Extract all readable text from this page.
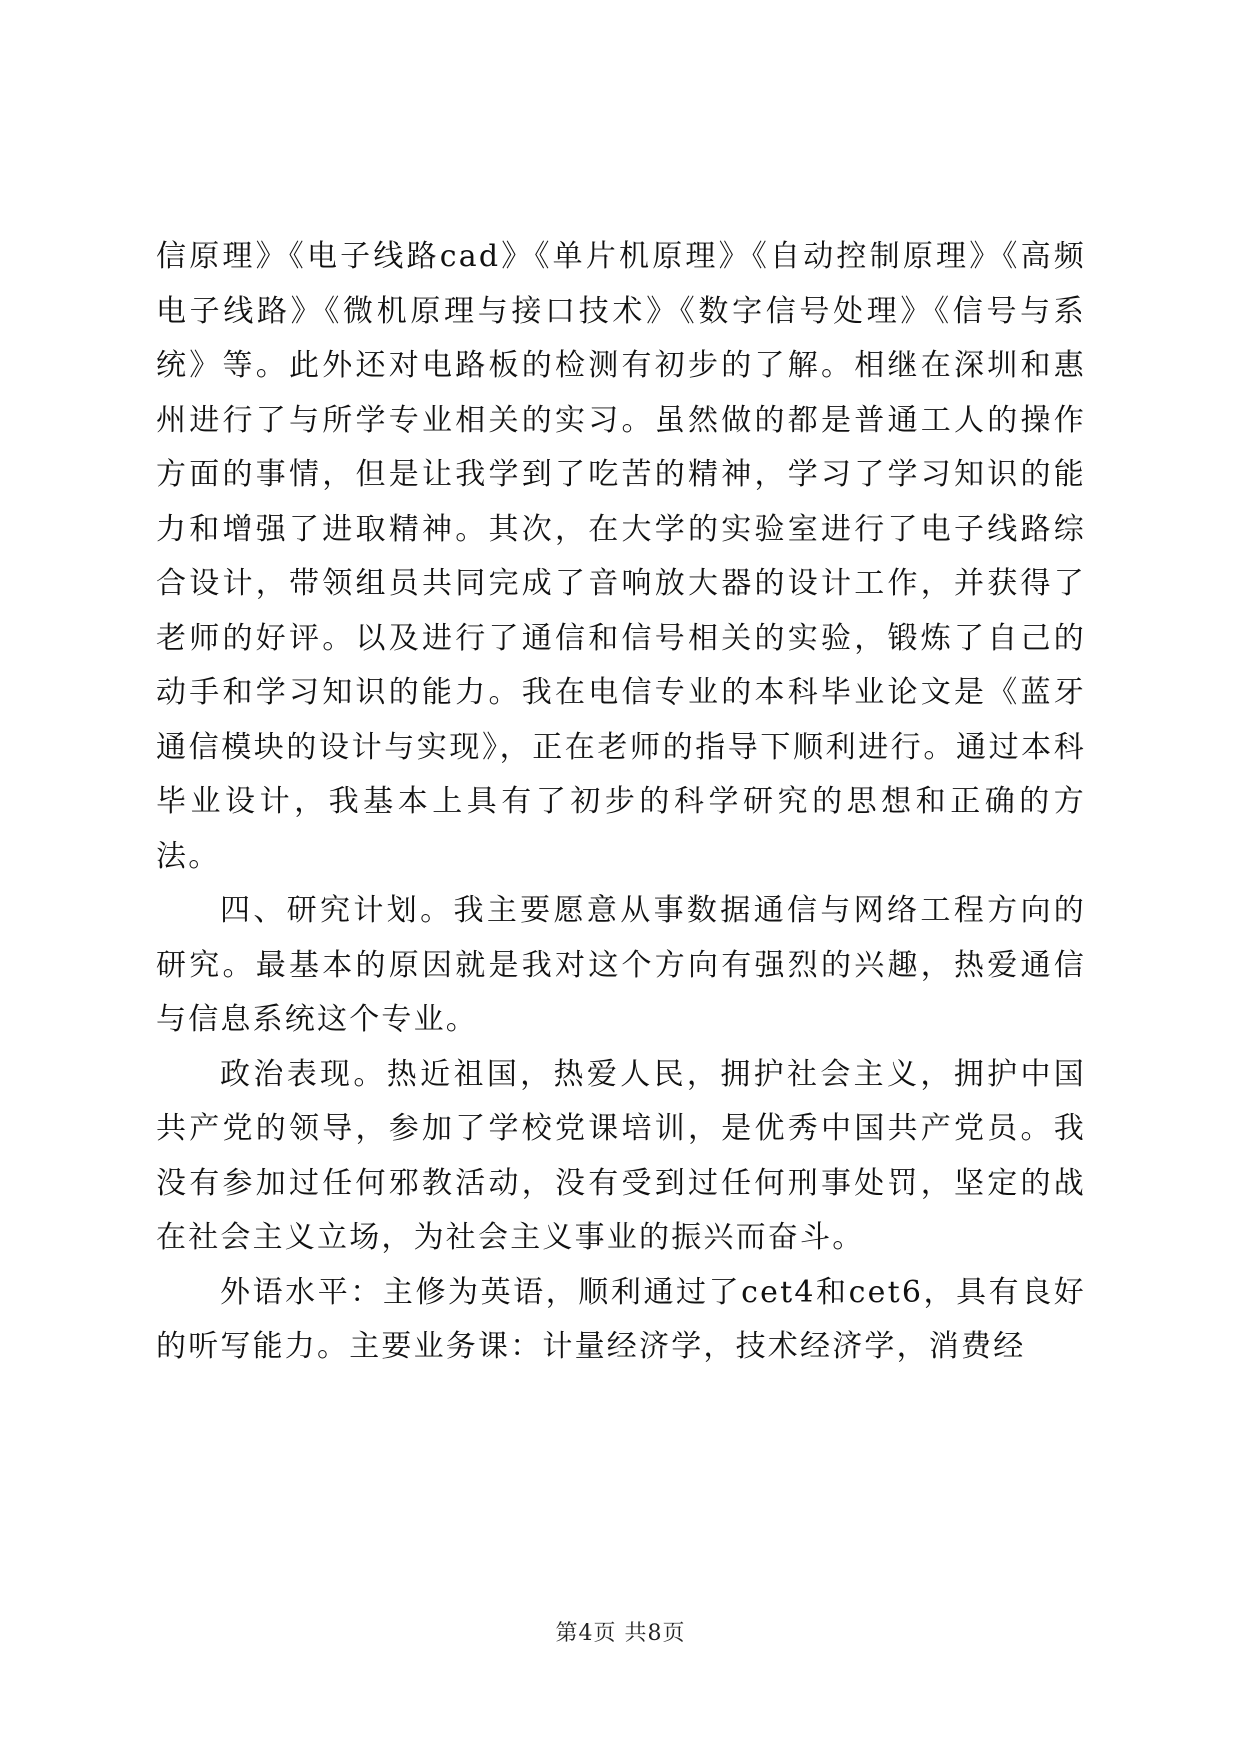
信原理》《电子线路cad》《单片机原理》《自动控制原理》《高频电子线路》《微机原理与接口技术》《数字信号处理》《信号与系统》等。此外还对电路板的检测有初步的了解。相继在深圳和惠州进行了与所学专业相关的实习。虽然做的都是普通工人的操作方面的事情，但是让我学到了吃苦的精神，学习了学习知识的能力和增强了进取精神。其次，在大学的实验室进行了电子线路综合设计，带领组员共同完成了音响放大器的设计工作，并获得了老师的好评。以及进行了通信和信号相关的实验，锻炼了自己的动手和学习知识的能力。我在电信专业的本科毕业论文是《蓝牙通信模块的设计与实现》，正在老师的指导下顺利进行。通过本科毕业设计，我基本上具有了初步的科学研究的思想和正确的方法。

四、研究计划。我主要愿意从事数据通信与网络工程方向的研究。最基本的原因就是我对这个方向有强烈的兴趣，热爱通信与信息系统这个专业。

政治表现。热近祖国，热爱人民，拥护社会主义，拥护中国共产党的领导，参加了学校党课培训，是优秀中国共产党员。我没有参加过任何邪教活动，没有受到过任何刑事处罚，坚定的战在社会主义立场，为社会主义事业的振兴而奋斗。

外语水平：主修为英语，顺利通过了cet4和cet6，具有良好的听写能力。主要业务课：计量经济学，技术经济学，消费经

第4页 共8页
